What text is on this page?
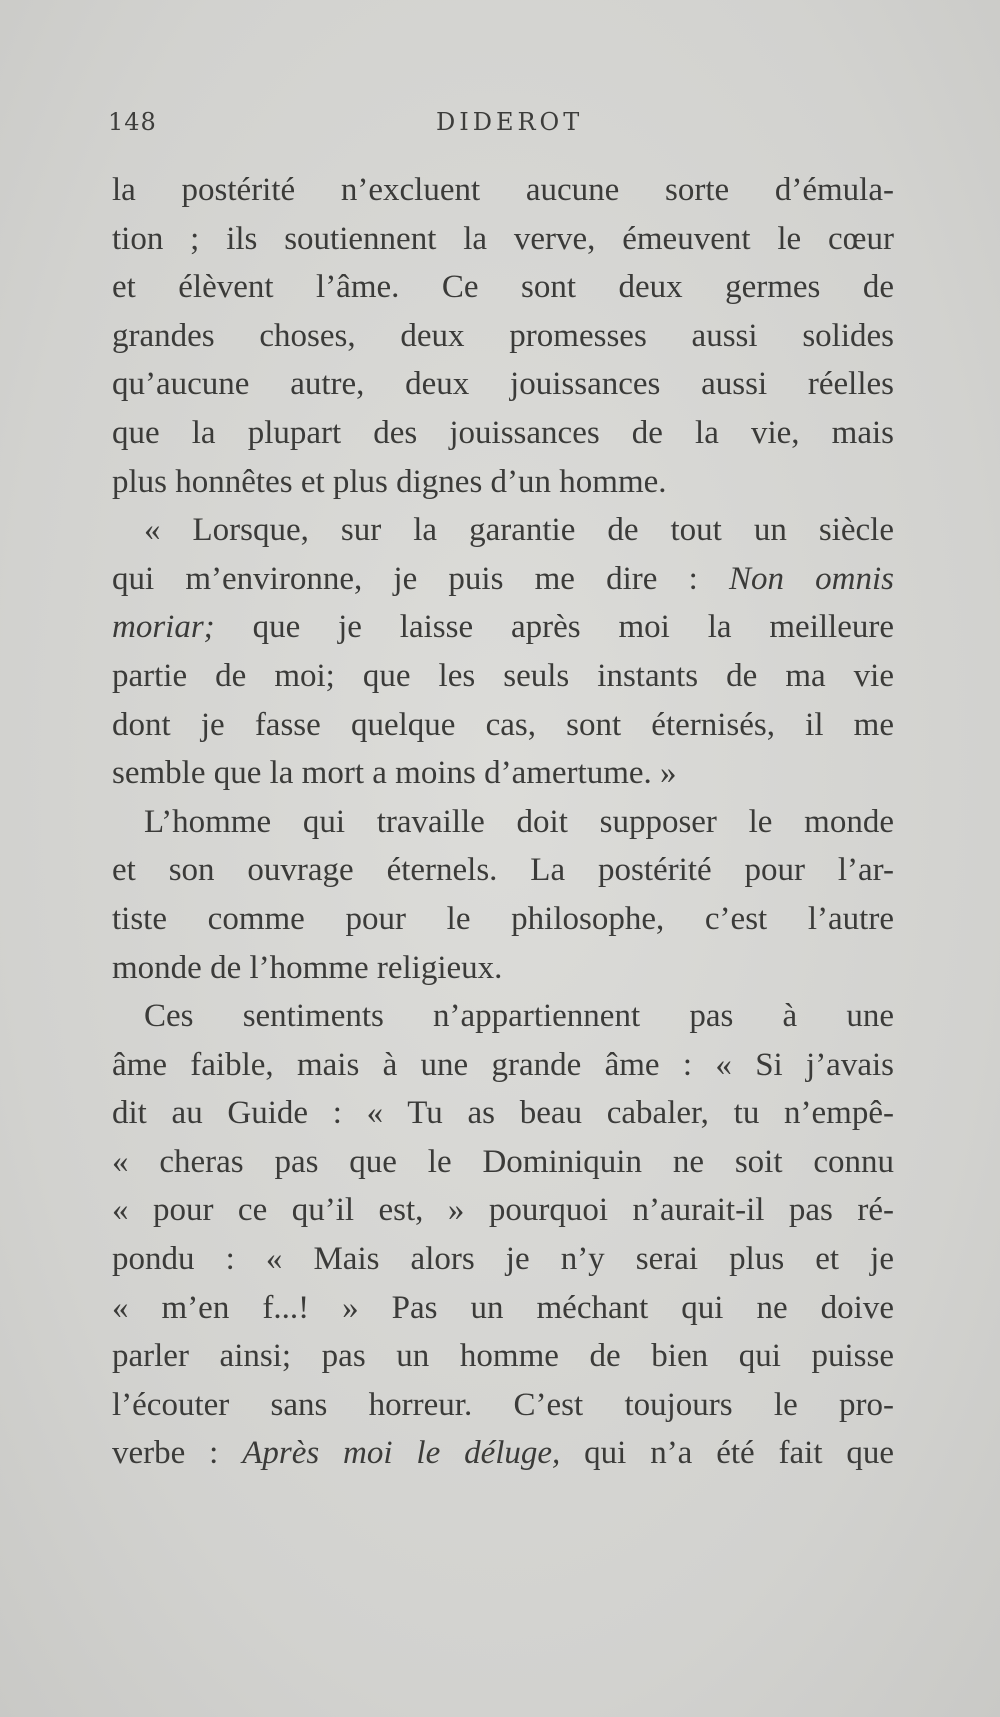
148	DIDEROT
la postérité n’excluent aucune sorte d’émula-
tion ; ils soutiennent la verve, émeuvent le cœur
et élèvent l’âme. Ce sont deux germes de
grandes choses, deux promesses aussi solides
qu’aucune autre, deux jouissances aussi réelles
que la plupart des jouissances de la vie, mais
plus honnêtes et plus dignes d’un homme.
« Lorsque, sur la garantie de tout un siècle
qui m’environne, je puis me dire : Non omnis
moriar; que je laisse après moi la meilleure
partie de moi; que les seuls instants de ma vie
dont je fasse quelque cas, sont éternisés, il me
semble que la mort a moins d’amertume. »
L’homme qui travaille doit supposer le monde
et son ouvrage éternels. La postérité pour l’ar-
tiste comme pour le philosophe, c’est l’autre
monde de l’homme religieux.
Ces sentiments n’appartiennent pas à une
âme faible, mais à une grande âme : « Si j’avais
dit au Guide : « Tu as beau cabaler, tu n’empê-
« cheras pas que le Dominiquin ne soit connu
« pour ce qu’il est, » pourquoi n’aurait-il pas ré-
pondu : « Mais alors je n’y serai plus et je
« m’en f...! » Pas un méchant qui ne doive
parler ainsi; pas un homme de bien qui puisse
l’écouter sans horreur. C’est toujours le pro-
verbe : Après moi le déluge, qui n’a été fait que
